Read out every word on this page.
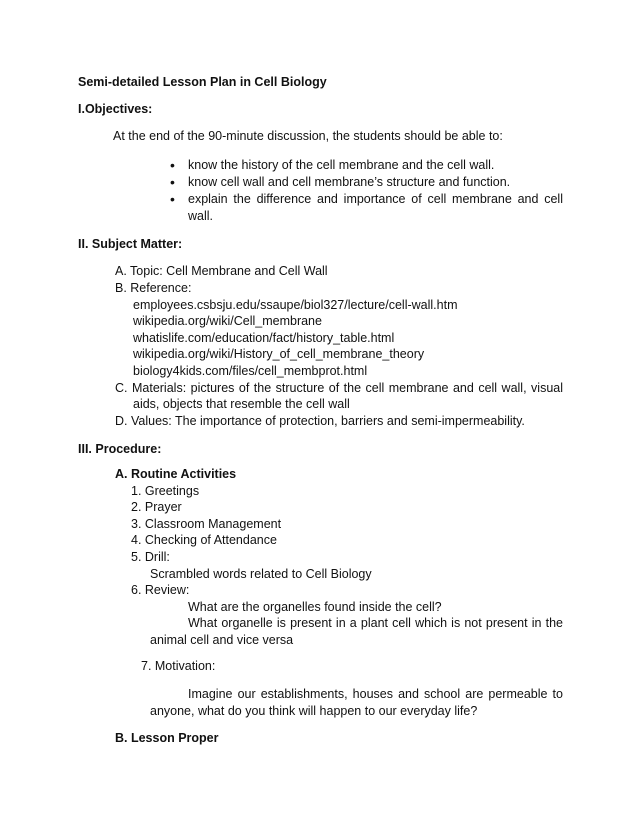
Semi-detailed Lesson Plan in Cell Biology
I.Objectives:
At the end of the 90-minute discussion, the students should be able to:
• know the history of the cell membrane and the cell wall.
• know cell wall and cell membrane’s structure and function.
• explain the difference and importance of cell membrane and cell
wall.
II. Subject Matter:
A. Topic: Cell Membrane and Cell Wall
B. Reference:
employees.csbsju.edu/ssaupe/biol327/lecture/cell-wall.htm
wikipedia.org/wiki/Cell_membrane
whatislife.com/education/fact/history_table.html
wikipedia.org/wiki/History_of_cell_membrane_theory
biology4kids.com/files/cell_membprot.html
C. Materials: pictures of the structure of the cell membrane and cell wall, visual
aids, objects that resemble the cell wall
D. Values: The importance of protection, barriers and semi-impermeability.
III. Procedure:
A. Routine Activities
1. Greetings
2. Prayer
3. Classroom Management
4. Checking of Attendance
5. Drill:
Scrambled words related to Cell Biology
6. Review:
What are the organelles found inside the cell?
What organelle is present in a plant cell which is not present in the
animal cell and vice versa
7. Motivation:
Imagine our establishments, houses and school are permeable to
anyone, what do you think will happen to our everyday life?
B. Lesson Proper
